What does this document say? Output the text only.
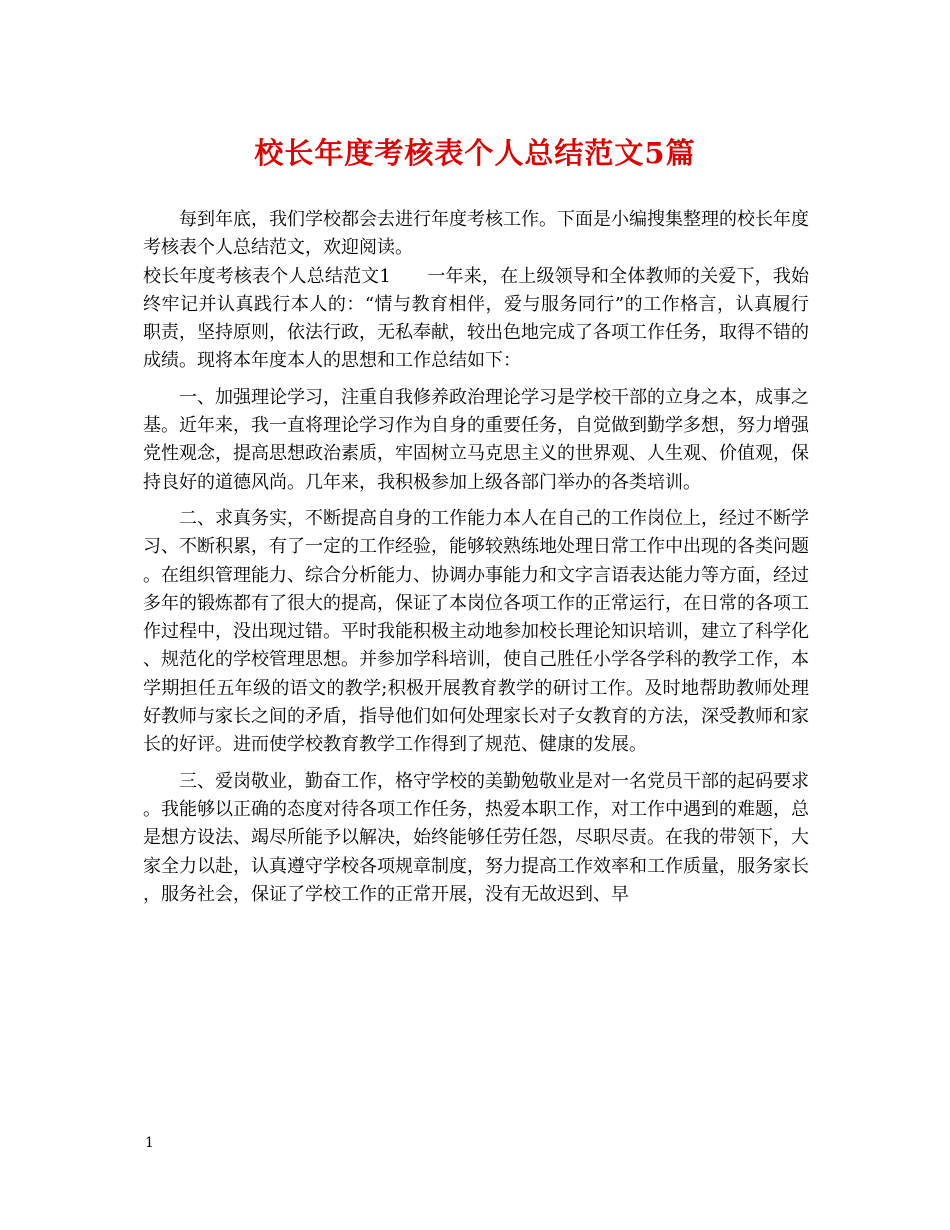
校长年度考核表个人总结范文5篇

每到年底，我们学校都会去进行年度考核工作。下面是小编搜集整理的校长年度考核表个人总结范文，欢迎阅读。

校长年度考核表个人总结范文1　　一年来，在上级领导和全体教师的关爱下，我始终牢记并认真践行本人的：“情与教育相伴，爱与服务同行”的工作格言，认真履行职责，坚持原则，依法行政，无私奉献，较出色地完成了各项工作任务，取得不错的成绩。现将本年度本人的思想和工作总结如下：

一、加强理论学习，注重自我修养政治理论学习是学校干部的立身之本，成事之基。近年来，我一直将理论学习作为自身的重要任务，自觉做到勤学多想，努力增强党性观念，提高思想政治素质，牢固树立马克思主义的世界观、人生观、价值观，保持良好的道德风尚。几年来，我积极参加上级各部门举办的各类培训。

二、求真务实，不断提高自身的工作能力本人在自己的工作岗位上，经过不断学习、不断积累，有了一定的工作经验，能够较熟练地处理日常工作中出现的各类问题。在组织管理能力、综合分析能力、协调办事能力和文字言语表达能力等方面，经过多年的锻炼都有了很大的提高，保证了本岗位各项工作的正常运行，在日常的各项工作过程中，没出现过错。平时我能积极主动地参加校长理论知识培训，建立了科学化、规范化的学校管理思想。并参加学科培训，使自己胜任小学各学科的教学工作，本学期担任五年级的语文的教学;积极开展教育教学的研讨工作。及时地帮助教师处理好教师与家长之间的矛盾，指导他们如何处理家长对子女教育的方法，深受教师和家长的好评。进而使学校教育教学工作得到了规范、健康的发展。

三、爱岗敬业，勤奋工作，格守学校的美勤勉敬业是对一名党员干部的起码要求。我能够以正确的态度对待各项工作任务，热爱本职工作，对工作中遇到的难题，总是想方设法、竭尽所能予以解决，始终能够任劳任怨，尽职尽责。在我的带领下，大家全力以赴，认真遵守学校各项规章制度，努力提高工作效率和工作质量，服务家长，服务社会，保证了学校工作的正常开展，没有无故迟到、早

1
